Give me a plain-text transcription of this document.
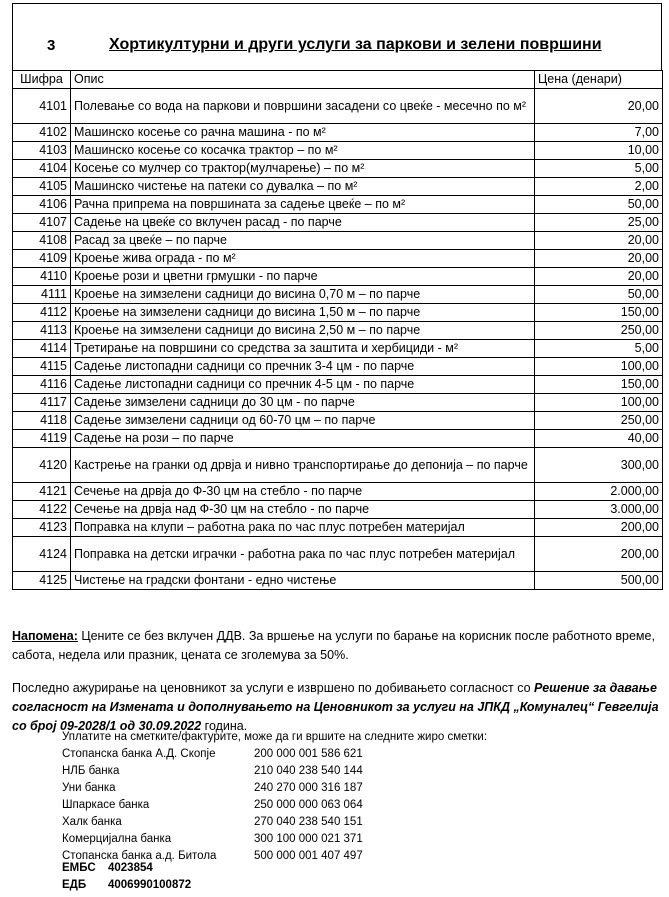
3	Хортикултурни и други услуги за паркови и зелени површини
Шифра	Опис	Цена (денари)
4101	Полевање со вода на паркови и површини засадени со цвеќе - месечно по м²	20,00
4102	Машинско косење со рачна машина - по м²	7,00
4103	Машинско косење со косачка трактор – по м²	10,00
4104	Косење со мулчер со трактор(мулчарење) – по м²	5,00
4105	Машинско чистење на патеки со дувалка – по м²	2,00
4106	Рачна припрема на површината за садење цвеќе – по м²	50,00
4107	Садење на цвеќе со вклучен расад - по парче	25,00
4108	Расад за цвеќе – по парче	20,00
4109	Кроење жива ограда - по м²	20,00
4110	Кроење рози и цветни грмушки - по парче	20,00
4111	Кроење на зимзелени садници до висина 0,70 м – по парче	50,00
4112	Кроење на зимзелени садници до висина 1,50 м – по парче	150,00
4113	Кроење на зимзелени садници до висина 2,50 м – по парче	250,00
4114	Третирање на површини со средства за заштита и хербициди - м²	5,00
4115	Садење листопадни садници со пречник 3-4 цм - по парче	100,00
4116	Садење листопадни садници со пречник 4-5 цм - по парче	150,00
4117	Садење зимзелени садници до 30 цм - по парче	100,00
4118	Садење зимзелени садници од 60-70 цм – по парче	250,00
4119	Садење на рози – по парче	40,00
4120	Кастрење на гранки од дрвја и нивно транспортирање до депонија – по парче	300,00
4121	Сечење на дрвја до Ф-30 цм на стебло - по парче	2.000,00
4122	Сечење на дрвја над Ф-30 цм на стебло - по парче	3.000,00
4123	Поправка на клупи – работна рака по час плус потребен материјал	200,00
4124	Поправка на детски игрaчки - работна рака по час плус потребен материјал	200,00
4125	Чистење на градски фонтани - едно чистење	500,00
Напомена: Цените се без вклучен ДДВ. За вршење на услуги по барање на корисник после работното време, сабота, недела или празник, цената се зголемува за 50%.
Последно ажурирање на ценовникот за услуги е извршено по добивањето согласност со Решение за давање согласност на Измената и дополнувањето на Ценовникот за услуги на ЈПКД „Комуналец“ Гевгелија со број 09-2028/1 од 30.09.2022 година.
Уплатите на сметките/фактурите, може да ги вршите на следните жиро сметки:
Стопанска банка А.Д. Скопје	200 000 001 586 621
НЛБ банка	210 040 238 540 144
Уни банка	240 270 000 316 187
Шпаркасе банка	250 000 000 063 064
Халк банка	270 040 238 540 151
Комерцијална банка	300 100 000 021 371
Стопанска банка а.д. Битола	500 000 001 407 497
ЕМБС	4023854
ЕДБ	4006990100872
